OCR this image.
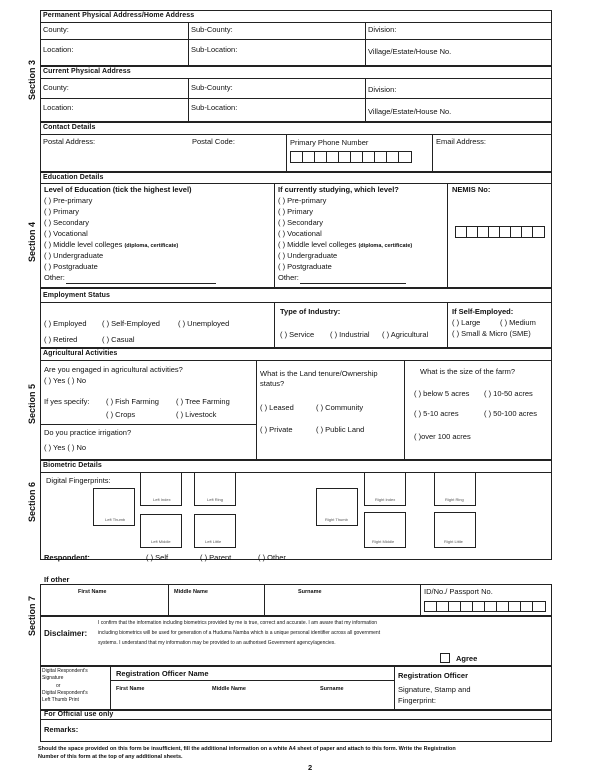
Section 3
Section 4
Section 5
Section 6
Section 7
Permanent Physical Address/Home Address
County:	Sub-County:	Division:
Location:	Sub-Location:	Village/Estate/House No.
Current Physical Address
County:	Sub-County:	Division:
Location:	Sub-Location:	Village/Estate/House No.
Contact Details
Postal Address:	Postal Code:	Primary Phone Number	Email Address:
Education Details
Level of Education (tick the highest level)
( ) Pre-primary
( ) Primary
( ) Secondary
( ) Vocational
( ) Middle level colleges (diploma, certificate)
( ) Undergraduate
( ) Postgraduate
Other:
If currently studying, which level?
( ) Pre-primary
( ) Primary
( ) Secondary
( ) Vocational
( ) Middle level colleges (diploma, certificate)
( ) Undergraduate
( ) Postgraduate
Other:
NEMIS No:
Employment Status
( ) Employed ( ) Self-Employed ( ) Unemployed
( ) Retired	( ) Casual
Type of Industry:
( ) Service ( ) Industrial ( ) Agricultural
If Self-Employed:
( ) Large	( ) Medium
( ) Small & Micro (SME)
Agricultural Activities
Are you engaged in agricultural activities?
( ) Yes ( ) No
If yes specify: ( ) Fish Farming ( ) Tree Farming
( ) Crops	( ) Livestock
Do you practice irrigation?
( ) Yes ( ) No
What is the Land tenure/Ownership
status?
( ) Leased	( ) Community
( ) Private	( ) Public Land
What is the size of the farm?
( ) below 5 acres ( ) 10-50 acres
( ) 5-10 acres	( ) 50-100 acres
( )over 100 acres
Biometric Details
Digital Fingerprints:
Left Thumb
Left Index	Left Ring
Left Middle	Left Little
Right Thumb
Right Index
Right Middle
Right Ring
Right Little
Respondent:	( ) Self	( ) Parent	( ) Other
If other
First Name	Middle Name	Surname	ID/No./ Passport No.
Disclaimer:
I confirm that the information including biometrics provided by me is true, correct and accurate. I am aware that my information
including biometrics will be used for generation of a Huduma Namba which is a unique personal identifier across all government
systems. I understand that my information may be provided to an authorised Government agency/agencies.
Agree
Digital Respondent's
Signature
or
Digital Respondent's
Left Thumb Print
Registration Officer Name
First Name	Middle Name	Surname
Registration Officer
Signature, Stamp and
Fingerprint:
For Official use only
Remarks:
Should the space provided on this form be insufficient, fill the additional information on a white A4 sheet of paper and attach to this form. Write the Registration
Number of this form at the top of any additional sheets.
2
